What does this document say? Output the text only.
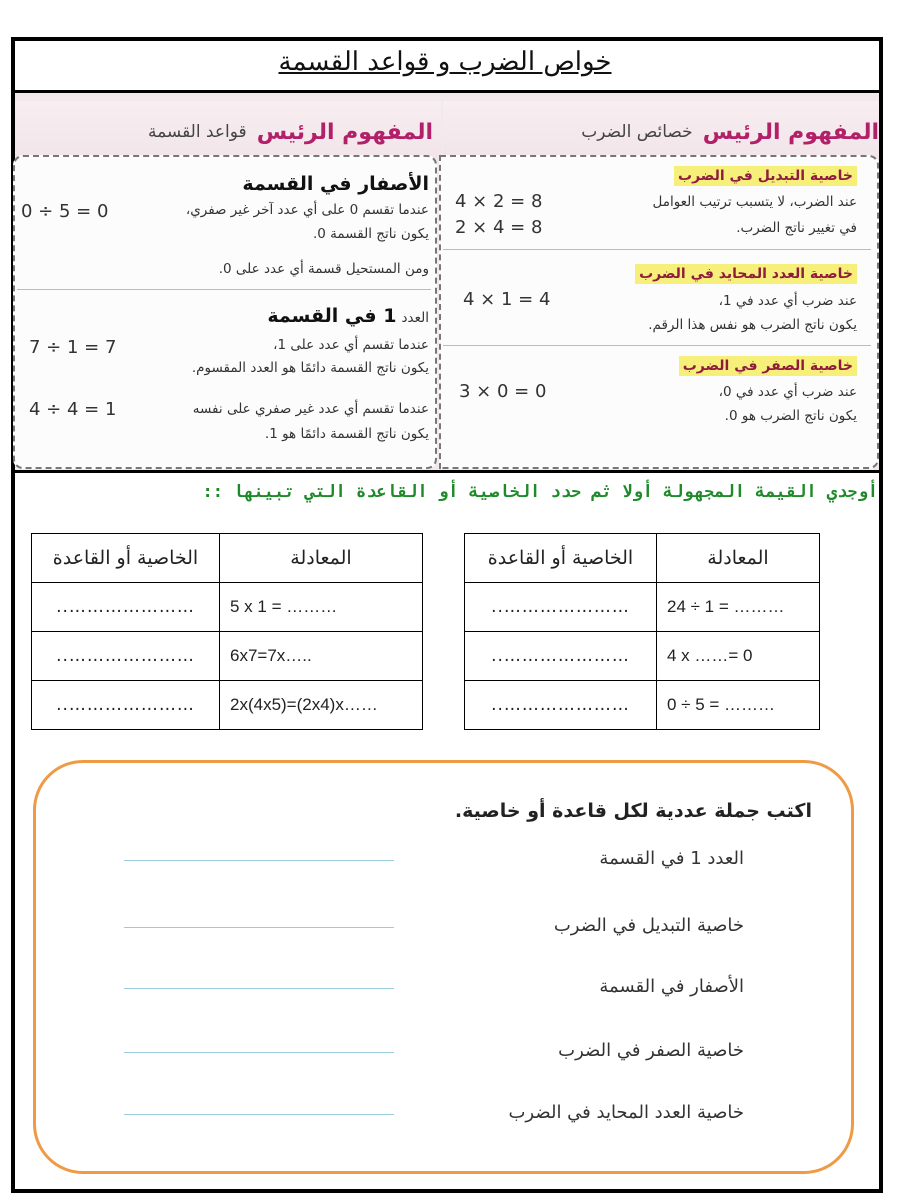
خواص الضرب و قواعد القسمة
المفهوم الرئيس
قواعد القسمة	المفهوم الرئيس
خصائص الضرب
الأصفار في القسمة
عندما تقسم 0 على أي عدد آخر غير صفري،
يكون ناتج القسمة 0.
0 ÷ 5 = 0
ومن المستحيل قسمة أي عدد على 0.
العدد 1 في القسمة
عندما تقسم أي عدد على 1،
يكون ناتج القسمة دائمًا هو العدد المقسوم.
7 ÷ 1 = 7
عندما تقسم أي عدد غير صفري على نفسه
يكون ناتج القسمة دائمًا هو 1.
4 ÷ 4 = 1
خاصية التبديل في الضرب
عند الضرب، لا يتسبب ترتيب العوامل
في تغيير ناتج الضرب.
4 × 2 = 8
2 × 4 = 8
خاصية العدد المحايد في الضرب
عند ضرب أي عدد في 1،
يكون ناتج الضرب هو نفس هذا الرقم.
4 × 1 = 4
خاصية الصفر في الضرب
عند ضرب أي عدد في 0،
يكون ناتج الضرب هو 0.
3 × 0 = 0
أوجدي القيمة المجهولة أولا ثم حدد الخاصية أو القاعدة التي تبينها ::
المعادلة	الخاصية أو القاعدة
24 ÷ 1 = ………	…………………..
4 x ……= 0	…………………..
0 ÷ 5 = ………	…………………..
المعادلة	الخاصية أو القاعدة
5 x 1 = ………	…………………..
6x7=7x…..	…………………..
2x(4x5)=(2x4)x……	…………………..
اكتب جملة عددية لكل قاعدة أو خاصية.
العدد 1 في القسمة
خاصية التبديل في الضرب
الأصفار في القسمة
خاصية الصفر في الضرب
خاصية العدد المحايد في الضرب
